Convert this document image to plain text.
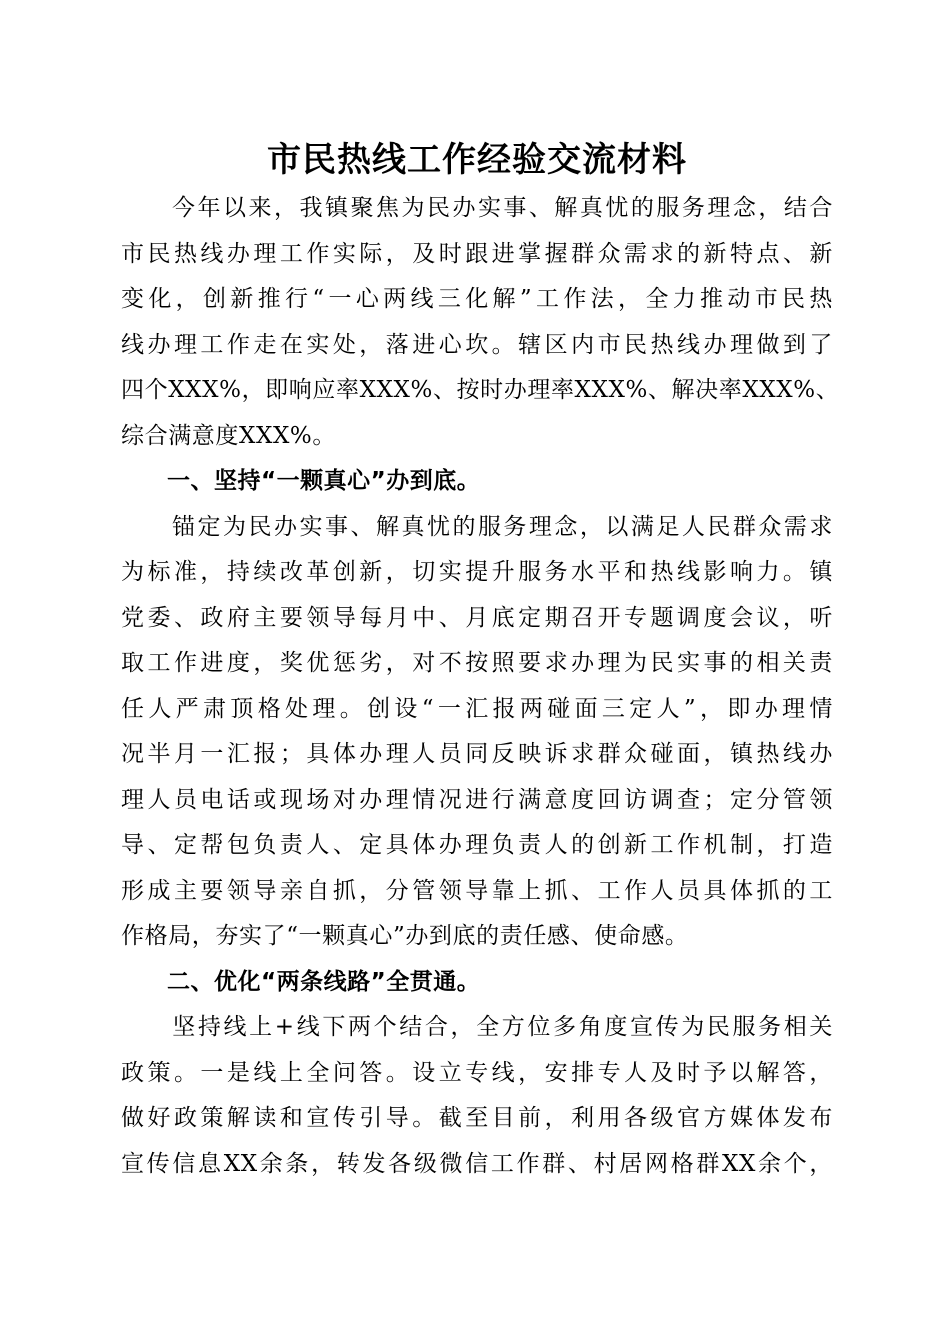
市民热线工作经验交流材料

　　今年以来，我镇聚焦为民办实事、解真忧的服务理念，结合
市民热线办理工作实际，及时跟进掌握群众需求的新特点、新
变化，创新推行“一心两线三化解”工作法，全力推动市民热
线办理工作走在实处，落进心坎。辖区内市民热线办理做到了
四个XXX%，即响应率XXX%、按时办理率XXX%、解决率XXX%、
综合满意度XXX%。

一、坚持“一颗真心”办到底。

　　锚定为民办实事、解真忧的服务理念，以满足人民群众需求
为标准，持续改革创新，切实提升服务水平和热线影响力。镇
党委、政府主要领导每月中、月底定期召开专题调度会议，听
取工作进度，奖优惩劣，对不按照要求办理为民实事的相关责
任人严肃顶格处理。创设“一汇报两碰面三定人”，即办理情
况半月一汇报；具体办理人员同反映诉求群众碰面，镇热线办
理人员电话或现场对办理情况进行满意度回访调查；定分管领
导、定帮包负责人、定具体办理负责人的创新工作机制，打造
形成主要领导亲自抓，分管领导靠上抓、工作人员具体抓的工
作格局，夯实了“一颗真心”办到底的责任感、使命感。

二、优化“两条线路”全贯通。

　　坚持线上+线下两个结合，全方位多角度宣传为民服务相关
政策。一是线上全问答。设立专线，安排专人及时予以解答，
做好政策解读和宣传引导。截至目前，利用各级官方媒体发布
宣传信息XX余条，转发各级微信工作群、村居网格群XX余个，
